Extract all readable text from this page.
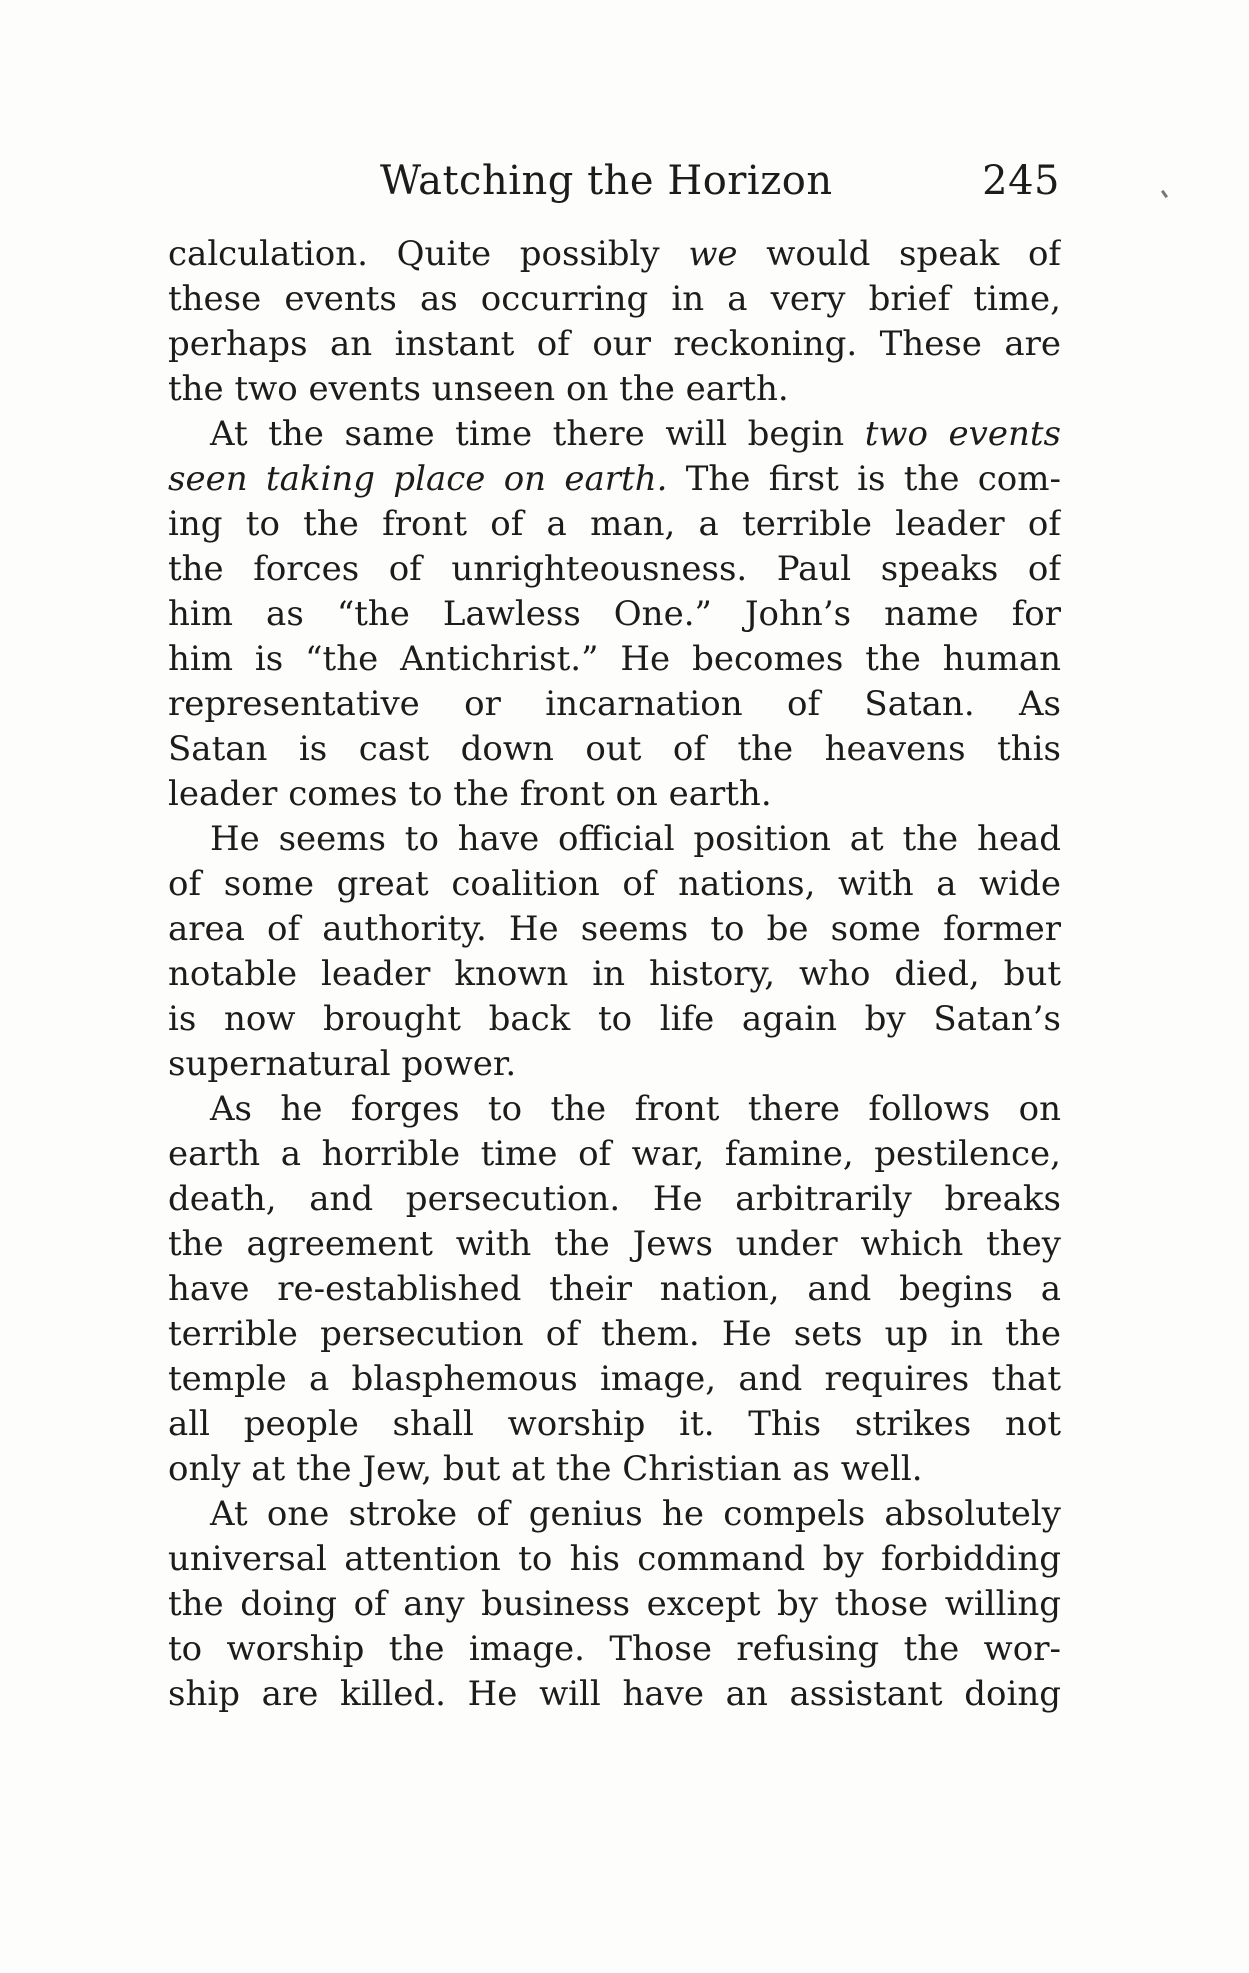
Watching the Horizon	245
calculation. Quite possibly we would speak of
these events as occurring in a very brief time,
perhaps an instant of our reckoning. These are
the two events unseen on the earth.
At the same time there will begin two events
seen taking place on earth. The first is the com-
ing to the front of a man, a terrible leader of
the forces of unrighteousness. Paul speaks of
him as “the Lawless One.” John’s name for
him is “the Antichrist.” He becomes the human
representative or incarnation of Satan. As
Satan is cast down out of the heavens this
leader comes to the front on earth.
He seems to have official position at the head
of some great coalition of nations, with a wide
area of authority. He seems to be some former
notable leader known in history, who died, but
is now brought back to life again by Satan’s
supernatural power.
As he forges to the front there follows on
earth a horrible time of war, famine, pestilence,
death, and persecution. He arbitrarily breaks
the agreement with the Jews under which they
have re-established their nation, and begins a
terrible persecution of them. He sets up in the
temple a blasphemous image, and requires that
all people shall worship it. This strikes not
only at the Jew, but at the Christian as well.
At one stroke of genius he compels absolutely
universal attention to his command by forbidding
the doing of any business except by those willing
to worship the image. Those refusing the wor-
ship are killed. He will have an assistant doing
